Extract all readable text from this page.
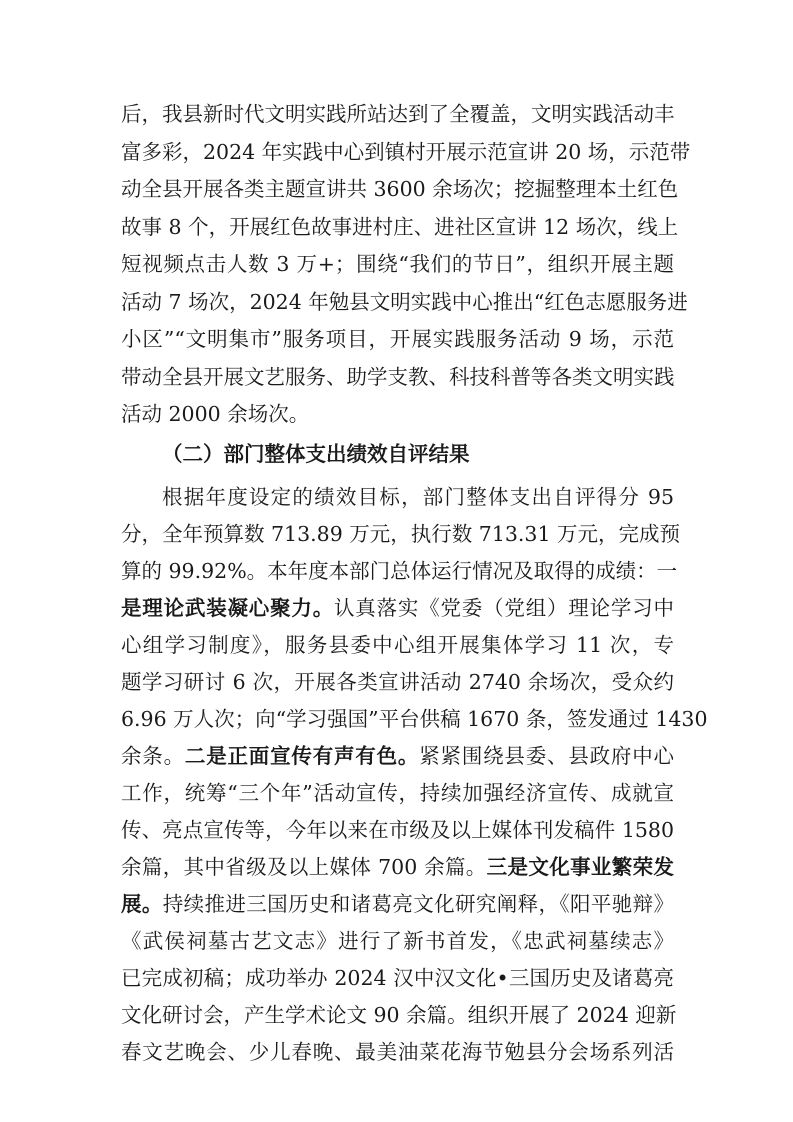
后，我县新时代文明实践所站达到了全覆盖，文明实践活动丰
富多彩，2024 年实践中心到镇村开展示范宣讲 20 场，示范带
动全县开展各类主题宣讲共 3600 余场次；挖掘整理本土红色
故事 8 个，开展红色故事进村庄、进社区宣讲 12 场次，线上
短视频点击人数 3 万+；围绕“我们的节日”，组织开展主题
活动 7 场次，2024 年勉县文明实践中心推出“红色志愿服务进
小区”“文明集市”服务项目，开展实践服务活动 9 场，示范
带动全县开展文艺服务、助学支教、科技科普等各类文明实践
（二）部门整体支出绩效自评结果
根据年度设定的绩效目标，部门整体支出自评得分 95
分，全年预算数 713.89 万元，执行数 713.31 万元，完成预
算的 99.92%。本年度本部门总体运行情况及取得的成绩：一
是理论武装凝心聚力。认真落实《党委（党组）理论学习中
心组学习制度》，服务县委中心组开展集体学习 11 次，专
题学习研讨 6 次，开展各类宣讲活动 2740 余场次，受众约
6.96 万人次；向“学习强国”平台供稿 1670 条，签发通过 1430
余条。二是正面宣传有声有色。紧紧围绕县委、县政府中心
工作，统筹“三个年”活动宣传，持续加强经济宣传、成就宣
传、亮点宣传等，今年以来在市级及以上媒体刊发稿件 1580
余篇，其中省级及以上媒体 700 余篇。三是文化事业繁荣发
展。持续推进三国历史和诸葛亮文化研究阐释，《阳平驰辩》
《武侯祠墓古艺文志》进行了新书首发，《忠武祠墓续志》
已完成初稿；成功举办 2024 汉中汉文化•三国历史及诸葛亮
文化研讨会，产生学术论文 90 余篇。组织开展了 2024 迎新
春文艺晚会、少儿春晚、最美油菜花海节勉县分会场系列活
活动 2000 余场次。
